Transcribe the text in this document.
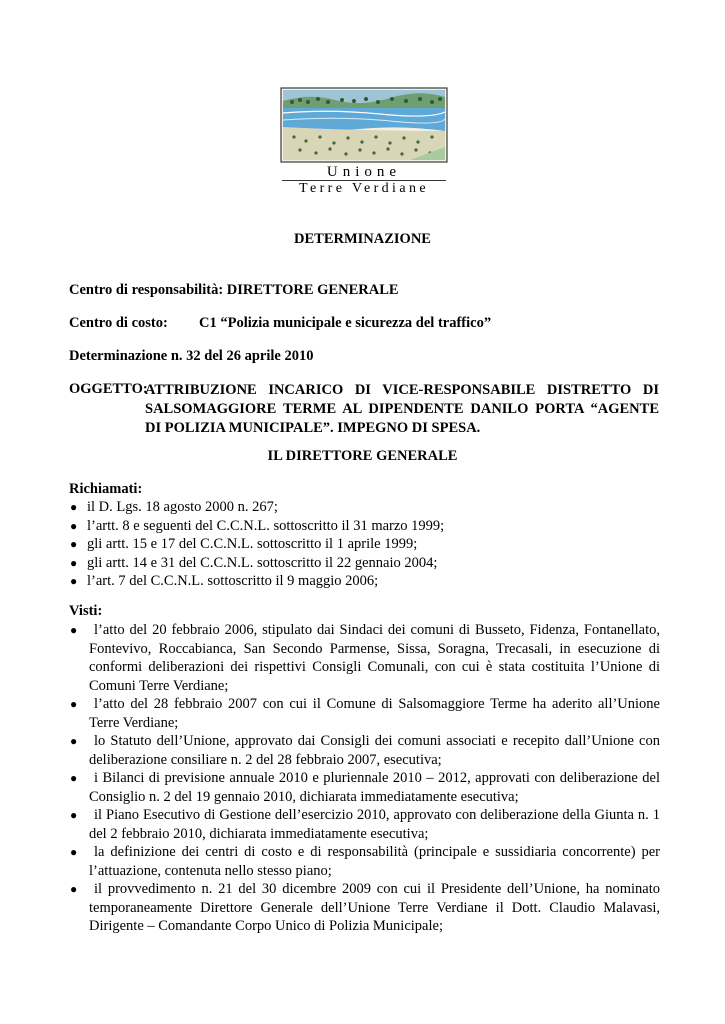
Unione
Terre Verdiane
DETERMINAZIONE
Centro di responsabilità: DIRETTORE GENERALE
Centro di costo: C1 “Polizia municipale e sicurezza del traffico”
Determinazione n. 32 del 26 aprile 2010
OGGETTO:
ATTRIBUZIONE INCARICO DI VICE-RESPONSABILE DISTRETTO DI
SALSOMAGGIORE TERME AL DIPENDENTE DANILO PORTA “AGENTE
DI POLIZIA MUNICIPALE”. IMPEGNO DI SPESA.
IL DIRETTORE GENERALE
Richiamati:
● il D. Lgs. 18 agosto 2000 n. 267;
● l’artt. 8 e seguenti del C.C.N.L. sottoscritto il 31 marzo 1999;
● gli artt. 15 e 17 del C.C.N.L. sottoscritto il 1 aprile 1999;
● gli artt. 14 e 31 del C.C.N.L. sottoscritto il 22 gennaio 2004;
● l’art. 7 del C.C.N.L. sottoscritto il 9 maggio 2006;
Visti:
●	l’atto del 20 febbraio 2006, stipulato dai Sindaci dei comuni di Busseto, Fidenza, Fontanellato, Fontevivo, Roccabianca, San Secondo Parmense, Sissa, Soragna, Trecasali, in esecuzione di conformi deliberazioni dei rispettivi Consigli Comunali, con cui è stata costituita l’Unione di Comuni Terre Verdiane;
●	l’atto del 28 febbraio 2007 con cui il Comune di Salsomaggiore Terme ha aderito all’Unione Terre Verdiane;
●	lo Statuto dell’Unione, approvato dai Consigli dei comuni associati e recepito dall’Unione con deliberazione consiliare n. 2 del 28 febbraio 2007, esecutiva;
●	i Bilanci di previsione annuale 2010 e pluriennale 2010 – 2012, approvati con deliberazione del Consiglio n. 2 del 19 gennaio 2010, dichiarata immediatamente esecutiva;
●	il Piano Esecutivo di Gestione dell’esercizio 2010, approvato con deliberazione della Giunta n. 1 del 2 febbraio 2010, dichiarata immediatamente esecutiva;
●	la definizione dei centri di costo e di responsabilità (principale e sussidiaria concorrente) per l’attuazione, contenuta nello stesso piano;
●	il provvedimento n. 21 del 30 dicembre 2009 con cui il Presidente dell’Unione, ha nominato temporaneamente Direttore Generale dell’Unione Terre Verdiane il Dott. Claudio Malavasi, Dirigente – Comandante Corpo Unico di Polizia Municipale;
